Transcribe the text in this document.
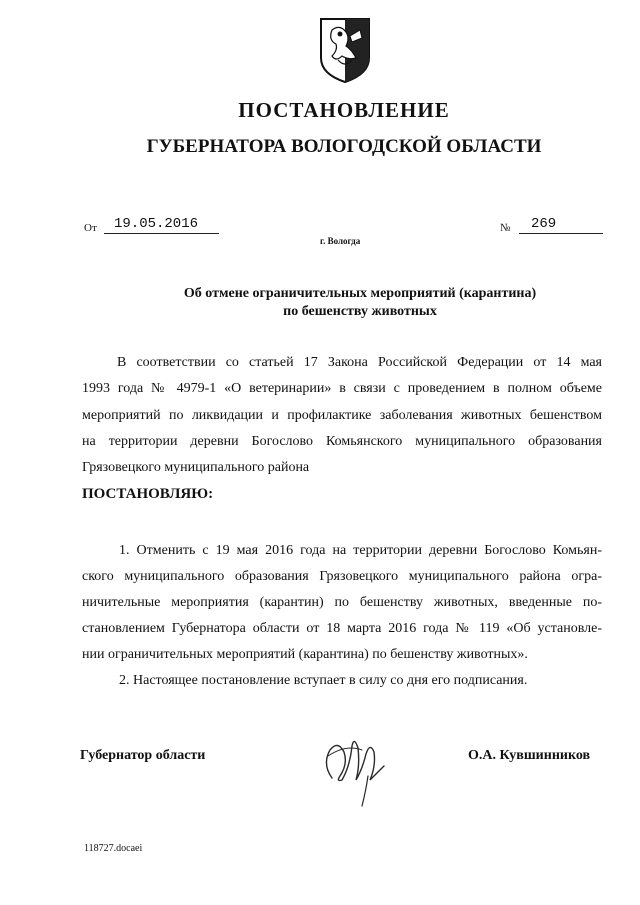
ПОСТАНОВЛЕНИЕ
ГУБЕРНАТОРА ВОЛОГОДСКОЙ ОБЛАСТИ
От	19.05.2016	№	269
г. Вологда
Об отмене ограничительных мероприятий (карантина)
по бешенству животных
В соответствии со статьей 17 Закона Российской Федерации от 14 мая
1993 года № 4979-1 «О ветеринарии» в связи с проведением в полном объеме
мероприятий по ликвидации и профилактике заболевания животных бешенством
на территории деревни Богослово Комьянского муниципального образования
Грязовецкого муниципального района
ПОСТАНОВЛЯЮ:
1. Отменить с 19 мая 2016 года на территории деревни Богослово Комьян-
ского муниципального образования Грязовецкого муниципального района огра-
ничительные мероприятия (карантин) по бешенству животных, введенные по-
становлением Губернатора области от 18 марта 2016 года № 119 «Об установле-
нии ограничительных мероприятий (карантина) по бешенству животных».
2. Настоящее постановление вступает в силу со дня его подписания.
Губернатор области	О.А. Кувшинников
118727.docaei
